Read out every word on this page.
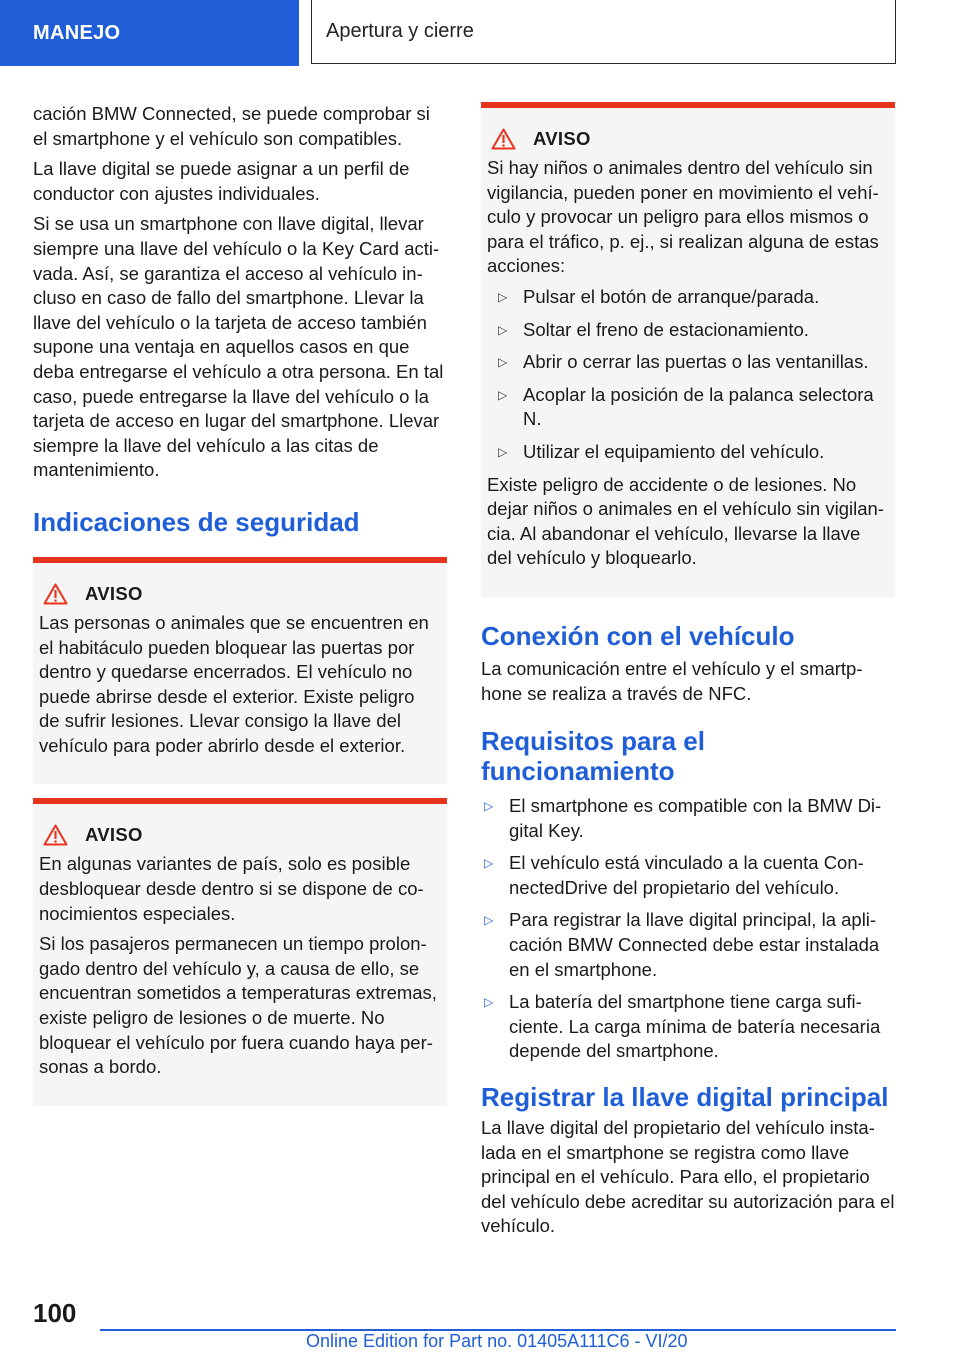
MANEJO	Apertura y cierre

cación BMW Connected, se puede comprobar si el smartphone y el vehículo son compatibles.

La llave digital se puede asignar a un perfil de conductor con ajustes individuales.

Si se usa un smartphone con llave digital, llevar siempre una llave del vehículo o la Key Card activada. Así, se garantiza el acceso al vehículo incluso en caso de fallo del smartphone. Llevar la llave del vehículo o la tarjeta de acceso también supone una ventaja en aquellos casos en que deba entregarse el vehículo a otra persona. En tal caso, puede entregarse la llave del vehículo o la tarjeta de acceso en lugar del smartphone. Llevar siempre la llave del vehículo a las citas de mantenimiento.

Indicaciones de seguridad
AVISO

Las personas o animales que se encuentren en el habitáculo pueden bloquear las puertas por dentro y quedarse encerrados. El vehículo no puede abrirse desde el exterior. Existe peligro de sufrir lesiones. Llevar consigo la llave del vehículo para poder abrirlo desde el exterior.

AVISO

En algunas variantes de país, solo es posible desbloquear desde dentro si se dispone de conocimientos especiales.

Si los pasajeros permanecen un tiempo prolongado dentro del vehículo y, a causa de ello, se encuentran sometidos a temperaturas extremas, existe peligro de lesiones o de muerte. No bloquear el vehículo por fuera cuando haya personas a bordo.

AVISO

Si hay niños o animales dentro del vehículo sin vigilancia, pueden poner en movimiento el vehículo y provocar un peligro para ellos mismos o para el tráfico, p. ej., si realizan alguna de estas acciones:

▷ Pulsar el botón de arranque/parada.
▷ Soltar el freno de estacionamiento.
▷ Abrir o cerrar las puertas o las ventanillas.
▷ Acoplar la posición de la palanca selectora N.
▷ Utilizar el equipamiento del vehículo.

Existe peligro de accidente o de lesiones. No dejar niños o animales en el vehículo sin vigilancia. Al abandonar el vehículo, llevarse la llave del vehículo y bloquearlo.

Conexión con el vehículo

La comunicación entre el vehículo y el smartphone se realiza a través de NFC.

Requisitos para el funcionamiento
▷ El smartphone es compatible con la BMW Digital Key.
▷ El vehículo está vinculado a la cuenta ConnectedDrive del propietario del vehículo.
▷ Para registrar la llave digital principal, la aplicación BMW Connected debe estar instalada en el smartphone.
▷ La batería del smartphone tiene carga suficiente. La carga mínima de batería necesaria depende del smartphone.
Registrar la llave digital principal

La llave digital del propietario del vehículo instalada en el smartphone se registra como llave principal en el vehículo. Para ello, el propietario del vehículo debe acreditar su autorización para el vehículo.

100
Online Edition for Part no. 01405A111C6 - VI/20
